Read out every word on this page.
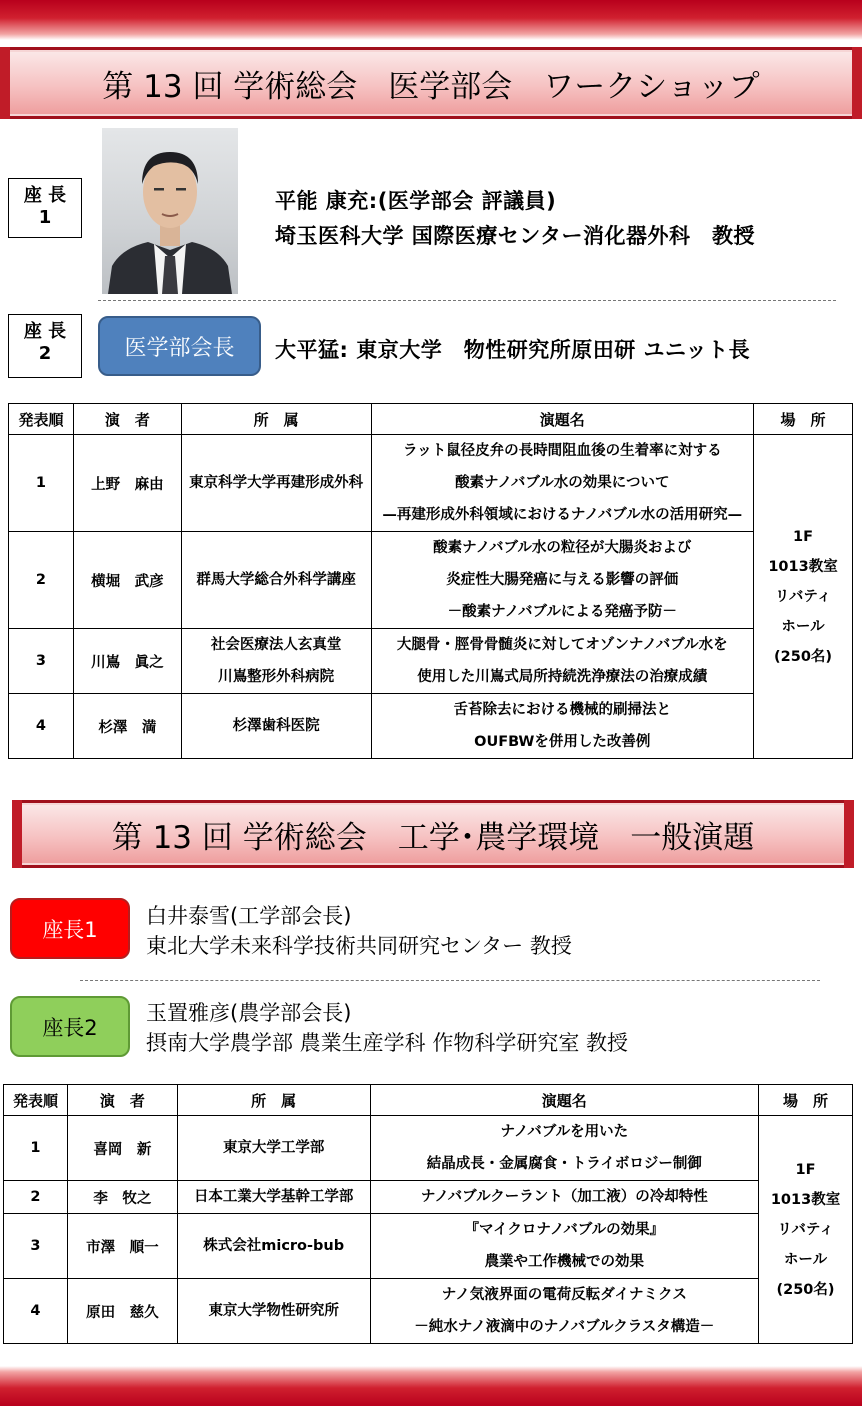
第 13 回 学術総会　医学部会　ワークショップ
座 長
1
平能 康充:(医学部会 評議員)
埼玉医科大学 国際医療センター消化器外科　教授
座 長
2	医学部会長	大平猛: 東京大学　物性研究所原田研 ユニット長
発表順	演　者	所　属	演題名	場　所
1	上野　麻由	東京科学大学再建形成外科	ラット鼠径皮弁の長時間阻血後の生着率に対する
酸素ナノバブル水の効果について
—再建形成外科領域におけるナノバブル水の活用研究—	1F
1013教室
リバティ
ホール
(250名)

2	横堀　武彦	群馬大学総合外科学講座	酸素ナノバブル水の粒径が大腸炎および
炎症性大腸発癌に与える影響の評価
－酸素ナノバブルによる発癌予防－	

3	川嶌　眞之	社会医療法人玄真堂
川嶌整形外科病院	大腿骨・脛骨骨髄炎に対してオゾンナノバブル水を
使用した川嶌式局所持続洗浄療法の治療成績	

4	杉澤　満	杉澤歯科医院	舌苔除去における機械的刷掃法と
OUFBWを併用した改善例	
第 13 回 学術総会　工学･農学環境　一般演題
座長1
白井泰雪(工学部会長)
東北大学未来科学技術共同研究センター 教授
座長2
玉置雅彦(農学部会長)
摂南大学農学部 農業生産学科 作物科学研究室 教授
発表順	演　者	所　属	演題名	場　所
1	喜岡　新	東京大学工学部	ナノバブルを用いた
結晶成長・金属腐食・トライボロジー制御	1F
1013教室
リバティ
ホール
(250名)

2	李　牧之	日本工業大学基幹工学部	ナノバブルクーラント（加工液）の冷却特性	

3	市澤　順一	株式会社micro-bub	『マイクロナノバブルの効果』
農業や工作機械での効果	

4	原田　慈久	東京大学物性研究所	ナノ気液界面の電荷反転ダイナミクス
－純水ナノ液滴中のナノバブルクラスタ構造－	
